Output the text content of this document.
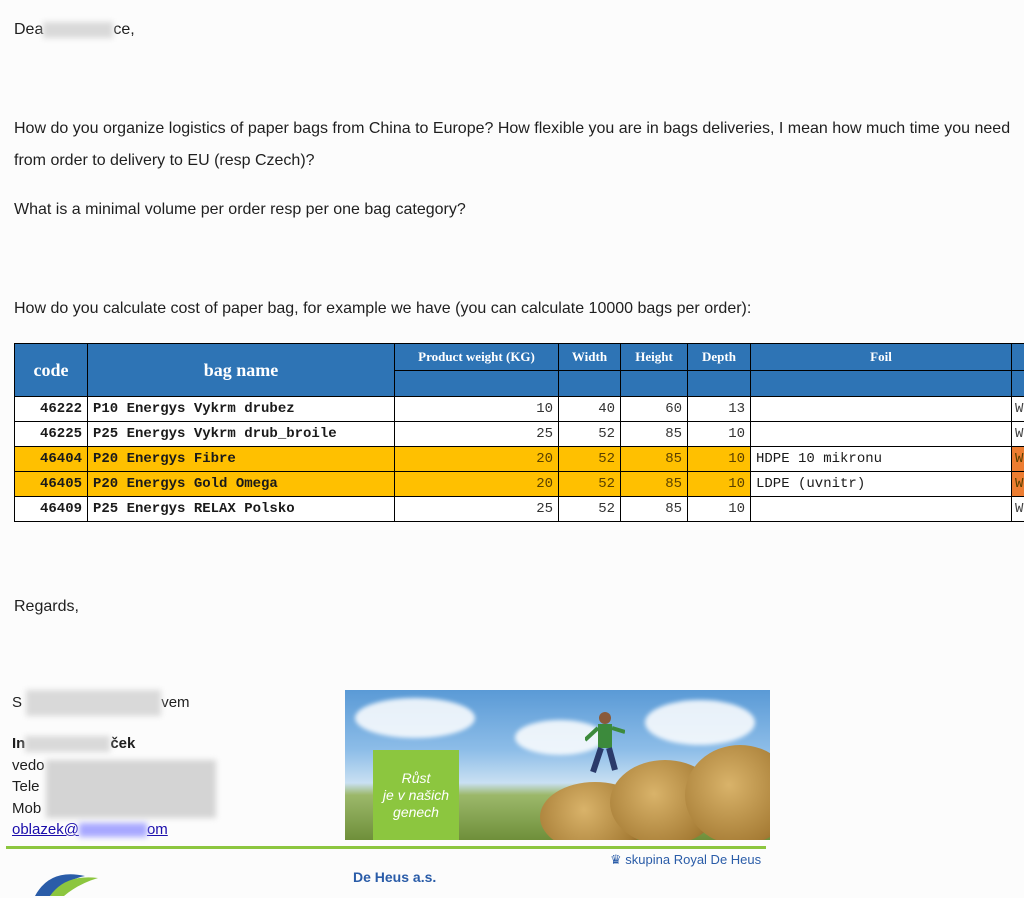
Dea	ce,

How do you organize logistics of paper bags from China to Europe? How flexible you are in bags deliveries, I mean how much time you need from order to delivery to EU (resp Czech)?

What is a minimal volume per order resp per one bag category?

How do you calculate cost of paper bag, for example we have (you can calculate 10000 bags per order):

code	bag name	Product weight (KG)	Width	Height	Depth	Foil	

46222	P10 Energys Vykrm drubez	10	40	60	13		W
46225	P25 Energys Vykrm drub_broile	25	52	85	10		W
46404	P20 Energys Fibre	20	52	85	10	HDPE 10 mikronu	W
46405	P20 Energys Gold Omega	20	52	85	10	LDPE (uvnitr)	W
46409	P25 Energys RELAX Polsko	25	52	85	10		W

Regards,

S	vem
In	ček
vedo
Tele
Mob
oblazek@	om
Růst
je v našich
genech
♛ skupina Royal De Heus
De Heus a.s.
